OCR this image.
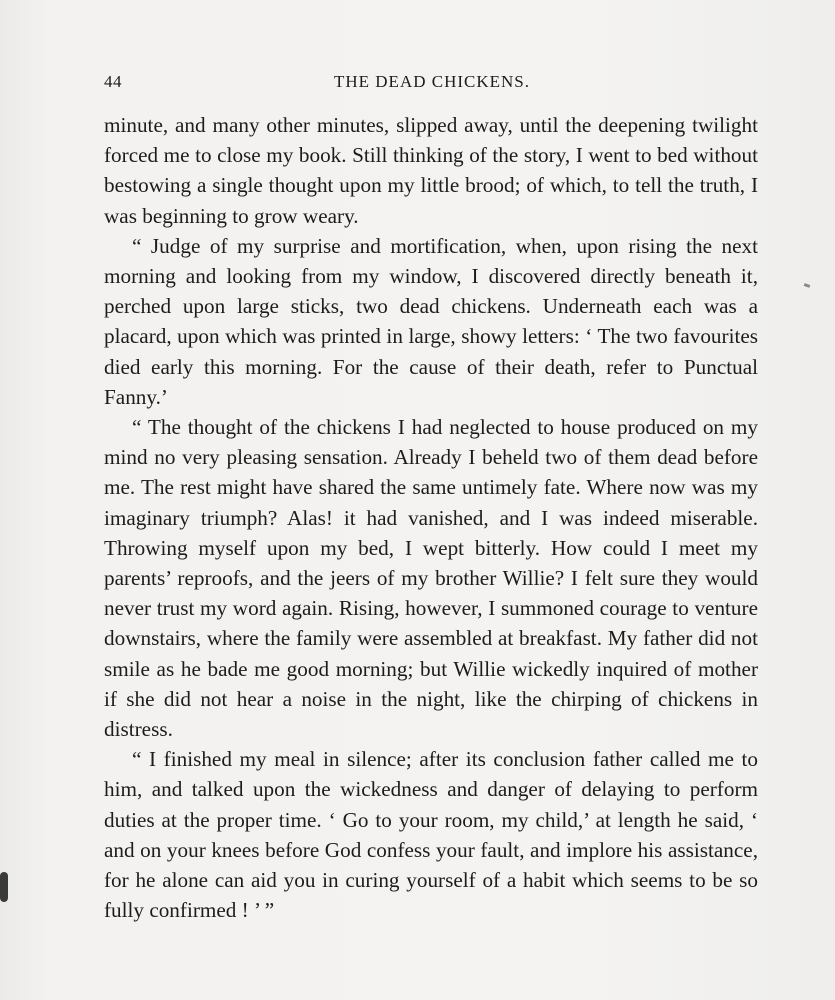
44	THE DEAD CHICKENS.

minute, and many other minutes, slipped away, until the deepening twilight forced me to close my book. Still thinking of the story, I went to bed without bestowing a single thought upon my little brood; of which, to tell the truth, I was beginning to grow weary.

“ Judge of my surprise and mortification, when, upon rising the next morning and looking from my window, I discovered directly beneath it, perched upon large sticks, two dead chickens. Underneath each was a placard, upon which was printed in large, showy letters: ‘ The two favourites died early this morning. For the cause of their death, refer to Punctual Fanny.’

“ The thought of the chickens I had neglected to house produced on my mind no very pleasing sensation. Already I beheld two of them dead before me. The rest might have shared the same untimely fate. Where now was my imaginary triumph? Alas! it had vanished, and I was indeed miserable. Throwing myself upon my bed, I wept bitterly. How could I meet my parents’ reproofs, and the jeers of my brother Willie? I felt sure they would never trust my word again. Rising, however, I summoned courage to venture downstairs, where the family were assembled at breakfast. My father did not smile as he bade me good morning; but Willie wickedly inquired of mother if she did not hear a noise in the night, like the chirping of chickens in distress.

“ I finished my meal in silence; after its conclusion father called me to him, and talked upon the wickedness and danger of delaying to perform duties at the proper time. ‘ Go to your room, my child,’ at length he said, ‘ and on your knees before God confess your fault, and implore his assistance, for he alone can aid you in curing yourself of a habit which seems to be so fully confirmed ! ’ ”
